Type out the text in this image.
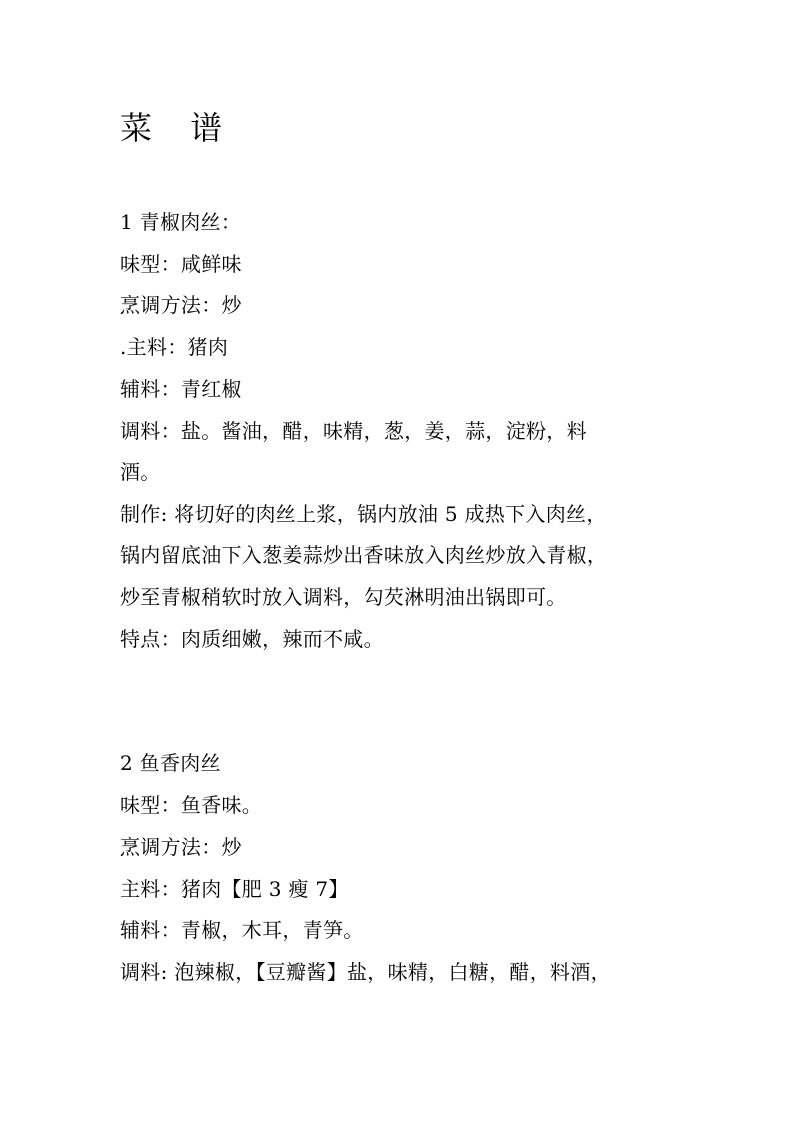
菜 谱
1 青椒肉丝：
味型：咸鲜味
烹调方法：炒
.主料：猪肉
辅料：青红椒
调料：盐。酱油，醋，味精，葱，姜，蒜，淀粉，料
酒。
制作: 将切好的肉丝上浆，锅内放油 5 成热下入肉丝，
锅内留底油下入葱姜蒜炒出香味放入肉丝炒放入青椒，
炒至青椒稍软时放入调料，勾芡淋明油出锅即可。
特点：肉质细嫩，辣而不咸。
2 鱼香肉丝
味型：鱼香味。
烹调方法：炒
主料：猪肉【肥 3 瘦 7】
辅料：青椒，木耳，青笋。
调料: 泡辣椒，【豆瓣酱】盐，味精，白糖，醋，料酒，
